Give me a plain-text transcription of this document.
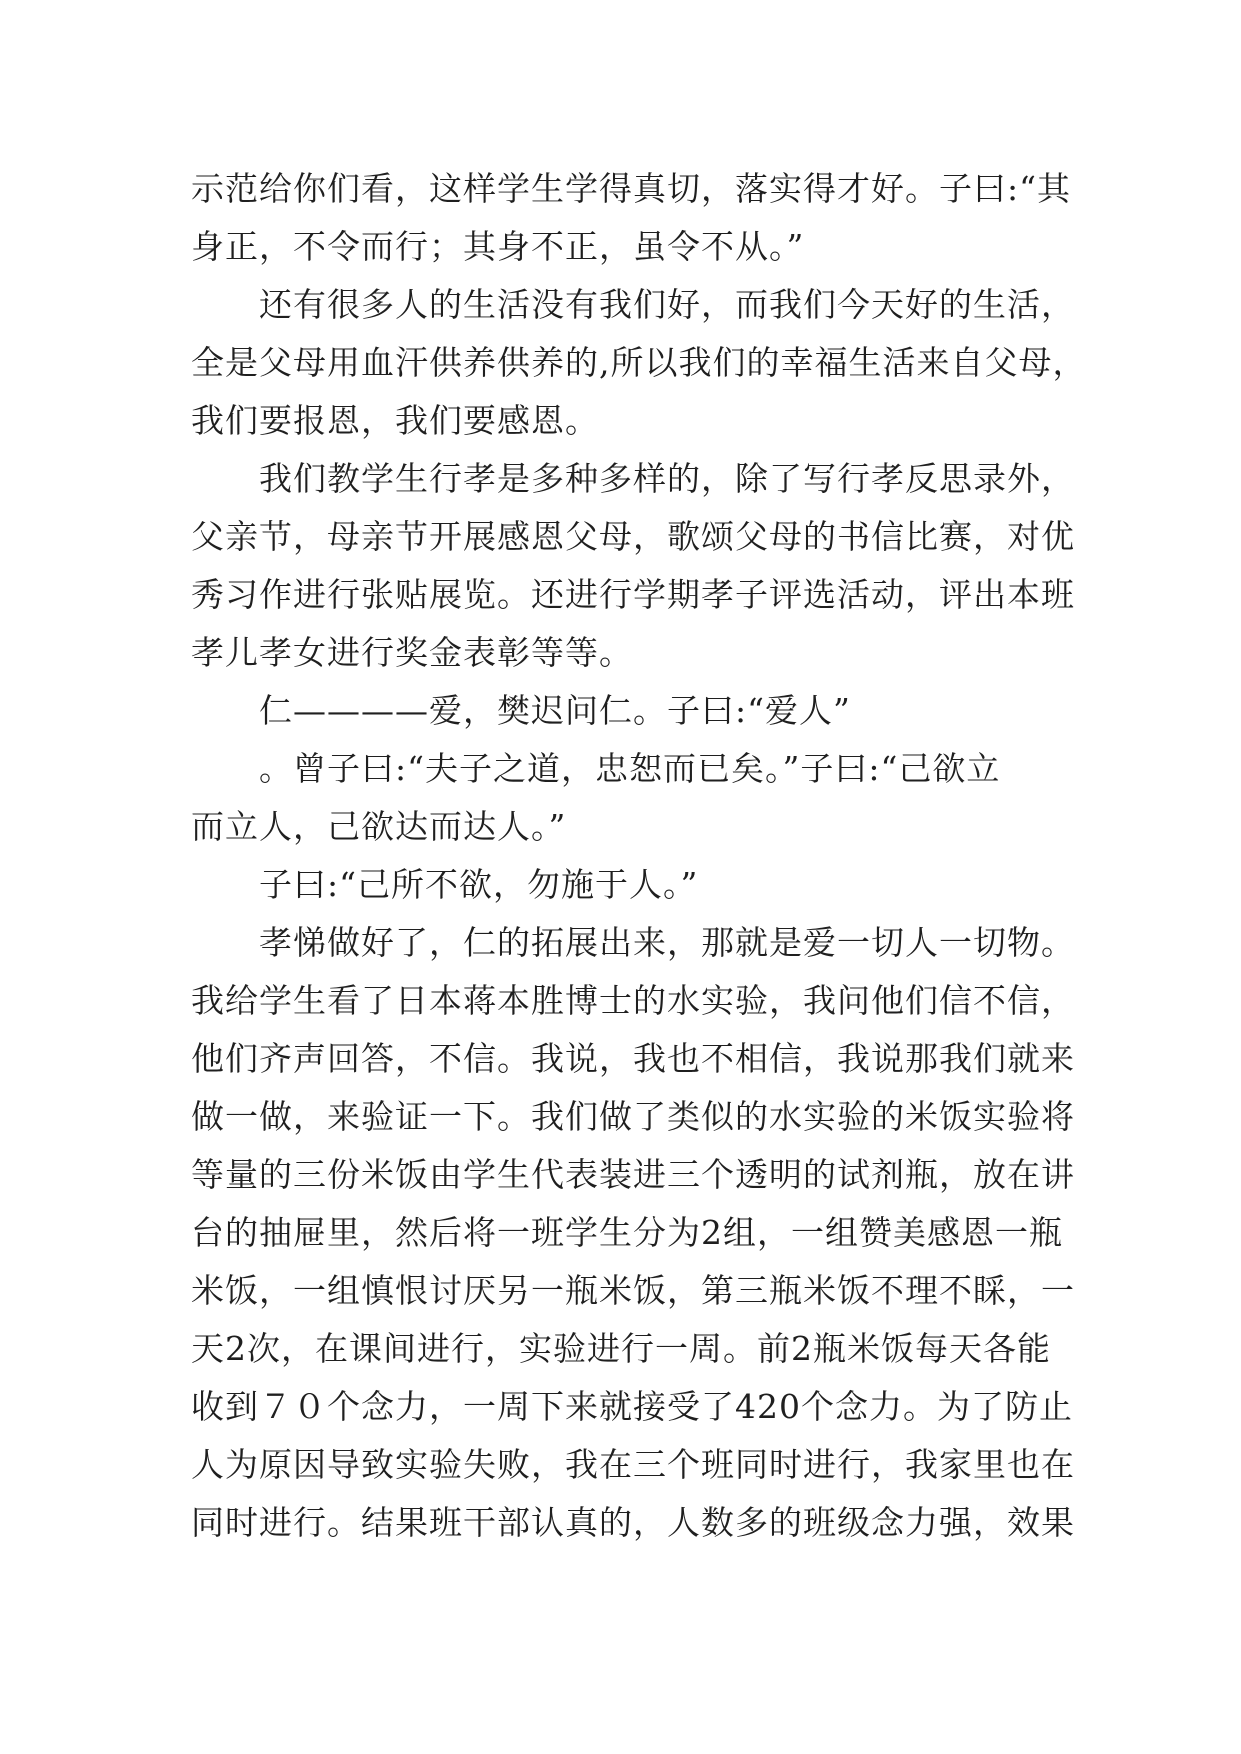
示范给你们看，这样学生学得真切，落实得才好。子曰:“其
身正，不令而行；其身不正，虽令不从。”
还有很多人的生活没有我们好，而我们今天好的生活，
全是父母用血汗供养供养的,所以我们的幸福生活来自父母，
我们要报恩，我们要感恩。
我们教学生行孝是多种多样的，除了写行孝反思录外，
父亲节，母亲节开展感恩父母，歌颂父母的书信比赛，对优
秀习作进行张贴展览。还进行学期孝子评选活动，评出本班
孝儿孝女进行奖金表彰等等。
仁————爱，樊迟问仁。子曰:“爱人”
。曾子曰:“夫子之道，忠恕而已矣。”子曰:“己欲立
而立人，己欲达而达人。”
子曰:“己所不欲，勿施于人。”
孝悌做好了，仁的拓展出来，那就是爱一切人一切物。
我给学生看了日本蒋本胜博士的水实验，我问他们信不信，
他们齐声回答，不信。我说，我也不相信，我说那我们就来
做一做，来验证一下。我们做了类似的水实验的米饭实验将
等量的三份米饭由学生代表装进三个透明的试剂瓶，放在讲
台的抽屉里，然后将一班学生分为2组，一组赞美感恩一瓶
米饭，一组慎恨讨厌另一瓶米饭，第三瓶米饭不理不睬，一
天2次，在课间进行，实验进行一周。前2瓶米饭每天各能
收到７０个念力，一周下来就接受了420个念力。为了防止
人为原因导致实验失败，我在三个班同时进行，我家里也在
同时进行。结果班干部认真的，人数多的班级念力强，效果
